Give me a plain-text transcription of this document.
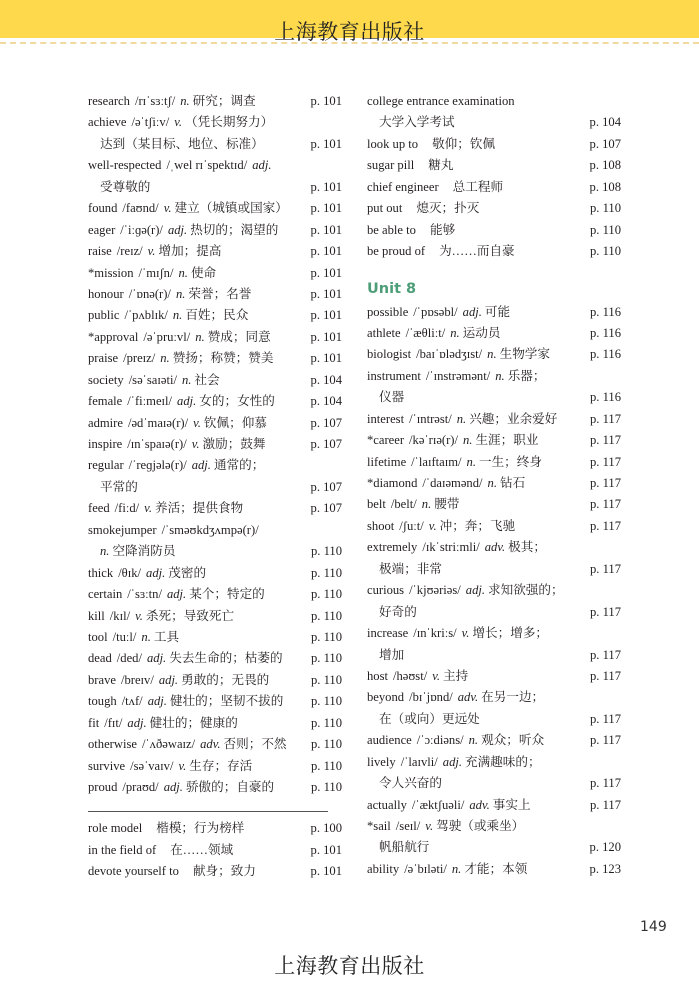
上海教育出版社
research /rɪˈsɜːtʃ/ n. 研究；调查	p. 101
achieve /əˈtʃiːv/ v. （凭长期努力）
达到（某目标、地位、标准）	p. 101
well-respected /ˌwel rɪˈspektɪd/ adj.
受尊敬的	p. 101
found /faʊnd/ v. 建立（城镇或国家）	p. 101
eager /ˈiːɡə(r)/ adj. 热切的；渴望的	p. 101
raise /reɪz/ v. 增加；提高	p. 101
*mission /ˈmɪʃn/ n. 使命	p. 101
honour /ˈɒnə(r)/ n. 荣誉；名誉	p. 101
public /ˈpʌblɪk/ n. 百姓；民众	p. 101
*approval /əˈpruːvl/ n. 赞成；同意	p. 101
praise /preɪz/ n. 赞扬；称赞；赞美	p. 101
society /səˈsaɪəti/ n. 社会	p. 104
female /ˈfiːmeɪl/ adj. 女的；女性的	p. 104
admire /ədˈmaɪə(r)/ v. 钦佩；仰慕	p. 107
inspire /ɪnˈspaɪə(r)/ v. 激励；鼓舞	p. 107
regular /ˈreɡjələ(r)/ adj. 通常的；
平常的	p. 107
feed /fiːd/ v. 养活；提供食物	p. 107
smokejumper /ˈsməʊkdʒʌmpə(r)/
n. 空降消防员	p. 110
thick /θɪk/ adj. 茂密的	p. 110
certain /ˈsɜːtn/ adj. 某个；特定的	p. 110
kill /kɪl/ v. 杀死；导致死亡	p. 110
tool /tuːl/ n. 工具	p. 110
dead /ded/ adj. 失去生命的；枯萎的	p. 110
brave /breɪv/ adj. 勇敢的；无畏的	p. 110
tough /tʌf/ adj. 健壮的；坚韧不拔的	p. 110
fit /fɪt/ adj. 健壮的；健康的	p. 110
otherwise /ˈʌðəwaɪz/ adv. 否则；不然	p. 110
survive /səˈvaɪv/ v. 生存；存活	p. 110
proud /praʊd/ adj. 骄傲的；自豪的	p. 110
role model 楷模；行为榜样	p. 100
in the field of 在……领域	p. 101
devote yourself to 献身；致力	p. 101
college entrance examination
大学入学考试	p. 104
look up to 敬仰；钦佩	p. 107
sugar pill 糖丸	p. 108
chief engineer 总工程师	p. 108
put out 熄灭；扑灭	p. 110
be able to 能够	p. 110
be proud of 为……而自豪	p. 110
Unit 8
possible /ˈpɒsəbl/ adj. 可能	p. 116
athlete /ˈæθliːt/ n. 运动员	p. 116
biologist /baɪˈɒlədʒɪst/ n. 生物学家	p. 116
instrument /ˈɪnstrəmənt/ n. 乐器；
仪器	p. 116
interest /ˈɪntrəst/ n. 兴趣；业余爱好	p. 117
*career /kəˈrɪə(r)/ n. 生涯；职业	p. 117
lifetime /ˈlaɪftaɪm/ n. 一生；终身	p. 117
*diamond /ˈdaɪəmənd/ n. 钻石	p. 117
belt /belt/ n. 腰带	p. 117
shoot /ʃuːt/ v. 冲；奔；飞驰	p. 117
extremely /ɪkˈstriːmli/ adv. 极其；
极端；非常	p. 117
curious /ˈkjʊəriəs/ adj. 求知欲强的；
好奇的	p. 117
increase /ɪnˈkriːs/ v. 增长；增多；
增加	p. 117
host /həʊst/ v. 主持	p. 117
beyond /bɪˈjɒnd/ adv. 在另一边；
在（或向）更远处	p. 117
audience /ˈɔːdiəns/ n. 观众；听众	p. 117
lively /ˈlaɪvli/ adj. 充满趣味的；
令人兴奋的	p. 117
actually /ˈæktʃuəli/ adv. 事实上	p. 117
*sail /seɪl/ v. 驾驶（或乘坐）
帆船航行	p. 120
ability /əˈbɪləti/ n. 才能；本领	p. 123
149
上海教育出版社
